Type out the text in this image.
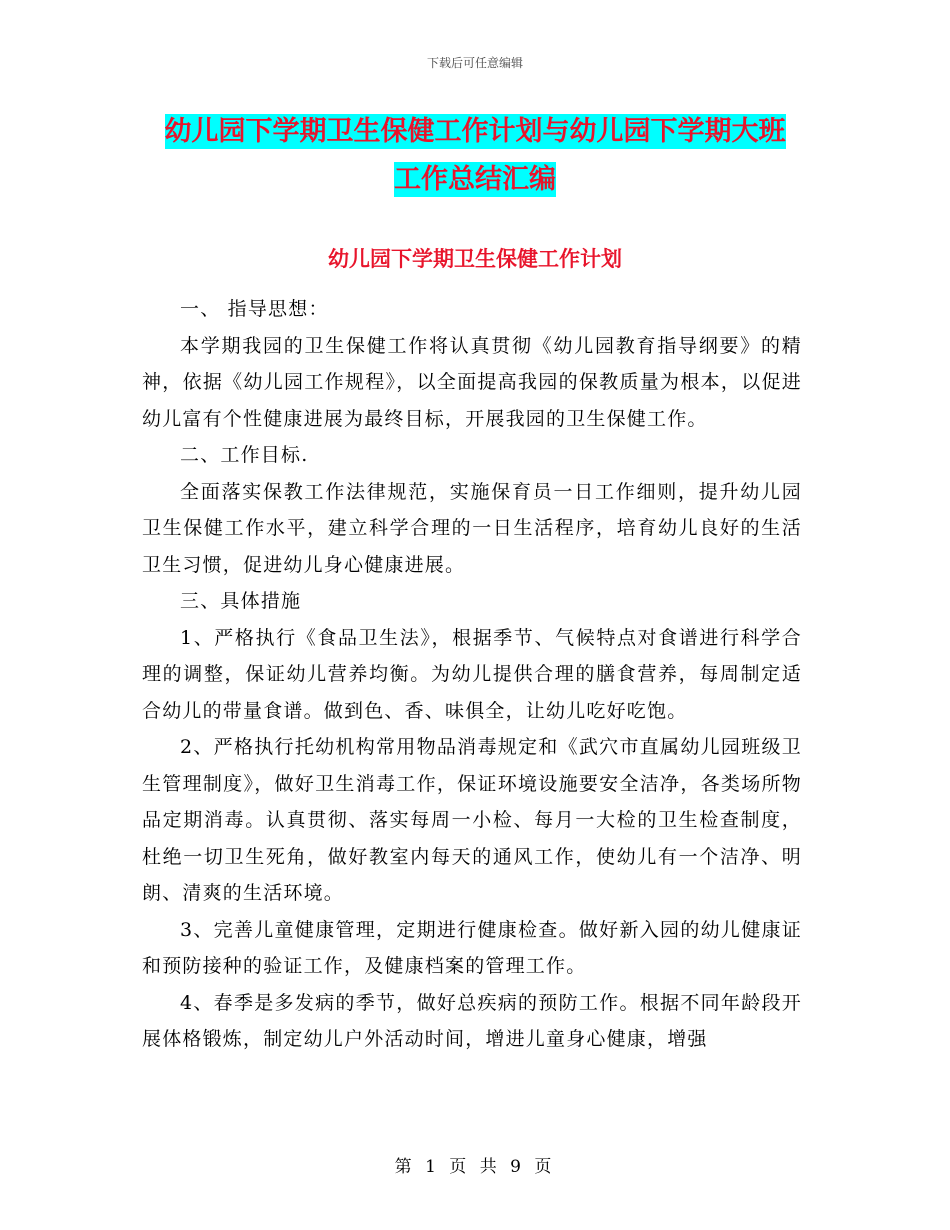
下载后可任意编辑
幼儿园下学期卫生保健工作计划与幼儿园下学期大班
工作总结汇编
幼儿园下学期卫生保健工作计划

一、 指导思想：

本学期我园的卫生保健工作将认真贯彻《幼儿园教育指导纲要》的精神，依据《幼儿园工作规程》，以全面提高我园的保教质量为根本，以促进幼儿富有个性健康进展为最终目标，开展我园的卫生保健工作。

二、工作目标.

全面落实保教工作法律规范，实施保育员一日工作细则，提升幼儿园卫生保健工作水平，建立科学合理的一日生活程序，培育幼儿良好的生活卫生习惯，促进幼儿身心健康进展。

三、具体措施

1、严格执行《食品卫生法》，根据季节、气候特点对食谱进行科学合理的调整，保证幼儿营养均衡。为幼儿提供合理的膳食营养，每周制定适合幼儿的带量食谱。做到色、香、味俱全，让幼儿吃好吃饱。

2、严格执行托幼机构常用物品消毒规定和《武穴市直属幼儿园班级卫生管理制度》，做好卫生消毒工作，保证环境设施要安全洁净，各类场所物品定期消毒。认真贯彻、落实每周一小检、每月一大检的卫生检查制度，杜绝一切卫生死角，做好教室内每天的通风工作，使幼儿有一个洁净、明朗、清爽的生活环境。

3、完善儿童健康管理，定期进行健康检查。做好新入园的幼儿健康证和预防接种的验证工作，及健康档案的管理工作。

4、春季是多发病的季节，做好总疾病的预防工作。根据不同年龄段开展体格锻炼，制定幼儿户外活动时间，增进儿童身心健康，增强

第 1 页 共 9 页
